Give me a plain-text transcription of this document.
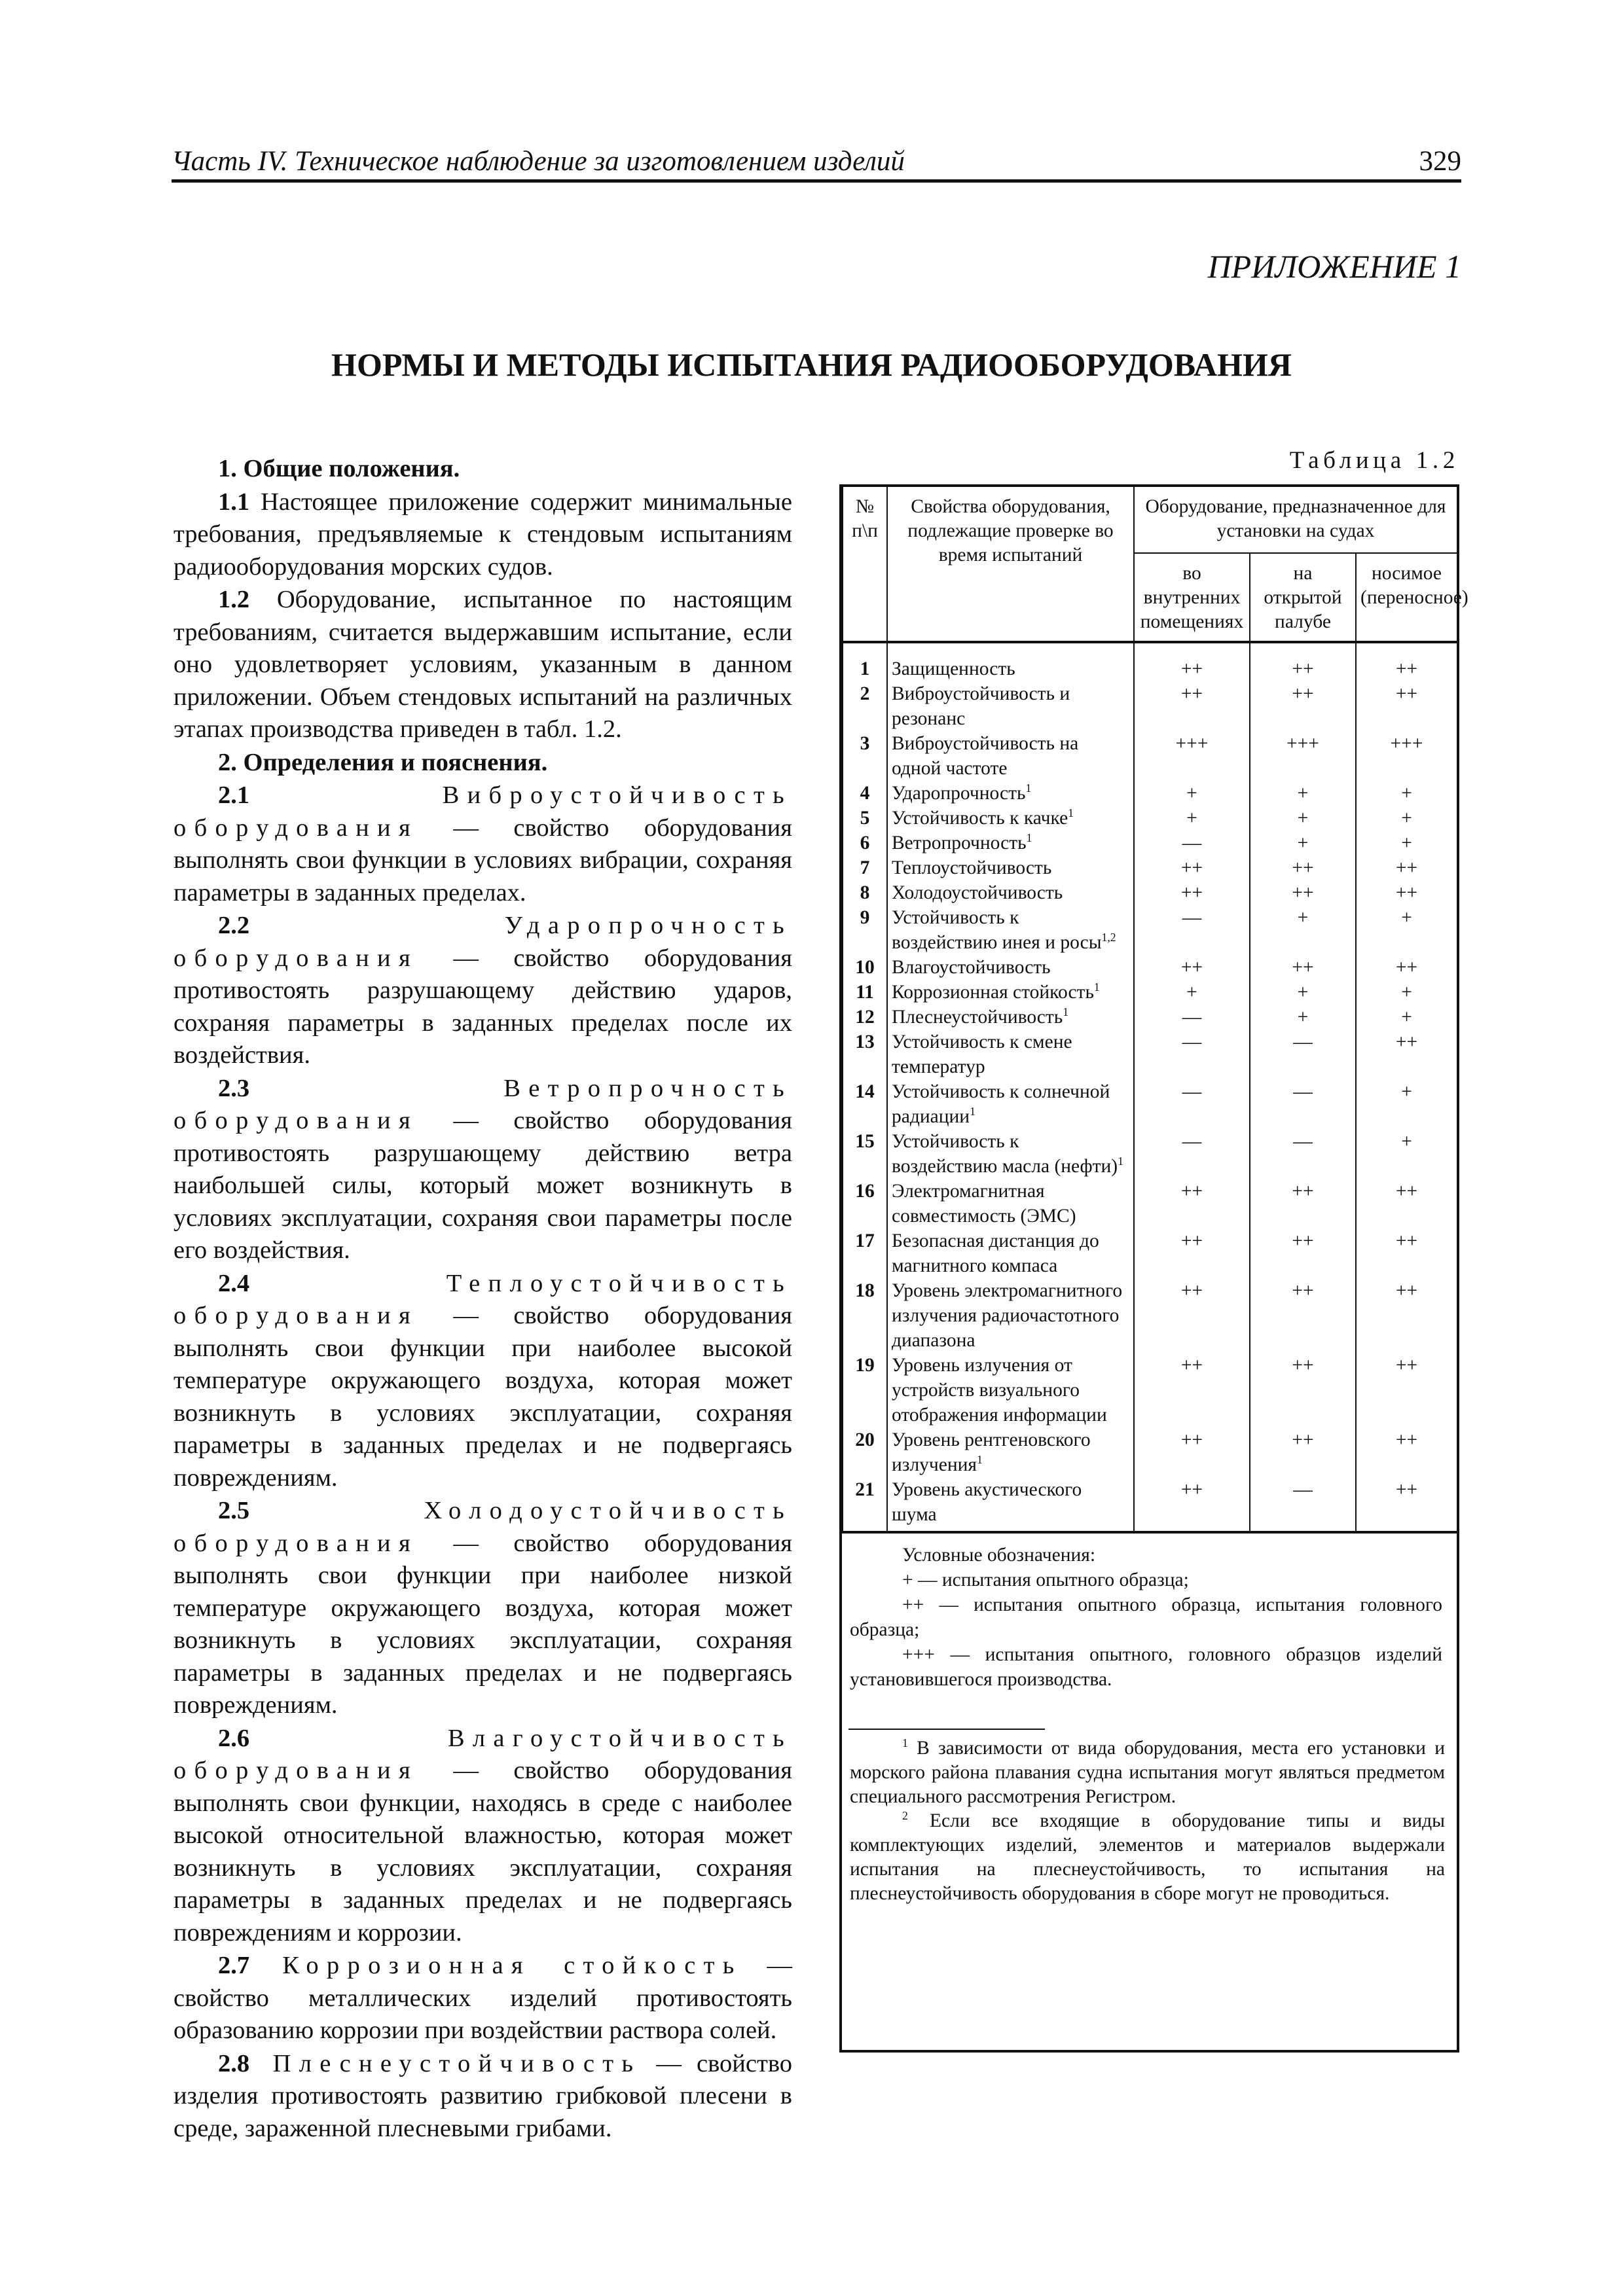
Часть IV. Техническое наблюдение за изготовлением изделий	329
ПРИЛОЖЕНИЕ 1
НОРМЫ И МЕТОДЫ ИСПЫТАНИЯ РАДИООБОРУДОВАНИЯ

1. Общие положения.

1.1 Настоящее приложение содержит минимальные требования, предъявляемые к стендовым испытаниям радиооборудования морских судов.

1.2 Оборудование, испытанное по настоящим требованиям, считается выдержавшим испытание, если оно удовлетворяет условиям, указанным в данном приложении. Объем стендовых испытаний на различных этапах производства приведен в табл. 1.2.

2. Определения и пояснения.

2.1 Виброустойчивость оборудования — свойство оборудования выполнять свои функции в условиях вибрации, сохраняя параметры в заданных пределах.

2.2 Ударопрочность оборудования — свойство оборудования противостоять разрушающему действию ударов, сохраняя параметры в заданных пределах после их воздействия.

2.3 Ветропрочность оборудования — свойство оборудования противостоять разрушающему действию ветра наибольшей силы, который может возникнуть в условиях эксплуатации, сохраняя свои параметры после его воздействия.

2.4 Теплоустойчивость оборудования — свойство оборудования выполнять свои функции при наиболее высокой температуре окружающего воздуха, которая может возникнуть в условиях эксплуатации, сохраняя параметры в заданных пределах и не подвергаясь повреждениям.

2.5 Холодоустойчивость оборудования — свойство оборудования выполнять свои функции при наиболее низкой температуре окружающего воздуха, которая может возникнуть в условиях эксплуатации, сохраняя параметры в заданных пределах и не подвергаясь повреждениям.

2.6 Влагоустойчивость оборудования — свойство оборудования выполнять свои функции, находясь в среде с наиболее высокой относительной влажностью, которая может возникнуть в условиях эксплуатации, сохраняя параметры в заданных пределах и не подвергаясь повреждениям и коррозии.

2.7 Коррозионная стойкость — свойство металлических изделий противостоять образованию коррозии при воздействии раствора солей.

2.8 Плеснеустойчивость — свойство изделия противостоять развитию грибковой плесени в среде, зараженной плесневыми грибами.

Таблица 1.2
№ п\п	Свойства оборудования, подлежащие проверке во время испытаний	Оборудование, предназначенное для установки на судах		
		во внутренних помещениях	на открытой палубе	носимое (переносное)
1	Защищенность	++	++	++
2	Виброустойчивость и резонанс	++	++	++
3	Виброустойчивость на одной частоте	+++	+++	+++
4	Ударопрочность$^1$	+	+	+
5	Устойчивость к качке$^1$	+	+	+
6	Ветропрочность$^1$	—	+	+
7	Теплоустойчивость	++	++	++
8	Холодоустойчивость	++	++	++
9	Устойчивость к воздействию инея и росы$^{1,2}$	—	+	+
10	Влагоустойчивость	++	++	++
11	Коррозионная стойкость$^1$	+	+	+
12	Плеснеустойчивость$^1$	—	+	+
13	Устойчивость к смене температур	—	—	++
14	Устойчивость к солнечной радиации$^1$	—	—	+
15	Устойчивость к воздействию масла (нефти)$^1$	—	—	+
16	Электромагнитная совместимость (ЭМС)	++	++	++
17	Безопасная дистанция до магнитного компаса	++	++	++
18	Уровень электромагнитного излучения радиочастотного диапазона	++	++	++
19	Уровень излучения от устройств визуального отображения информации	++	++	++
20	Уровень рентгеновского излучения$^1$	++	++	++
21	Уровень акустического шума	++	—	++
Условные обозначения:
+ — испытания опытного образца;
++ — испытания опытного образца, испытания головного образца;
+++ — испытания опытного, головного образцов изделий установившегося производства.

$^1$ В зависимости от вида оборудования, места его установки и морского района плавания судна испытания могут являться предметом специального рассмотрения Регистром.

$^2$ Если все входящие в оборудование типы и виды комплектующих изделий, элементов и материалов выдержали испытания на плеснеустойчивость, то испытания на плеснеустойчивость оборудования в сборе могут не проводиться.
